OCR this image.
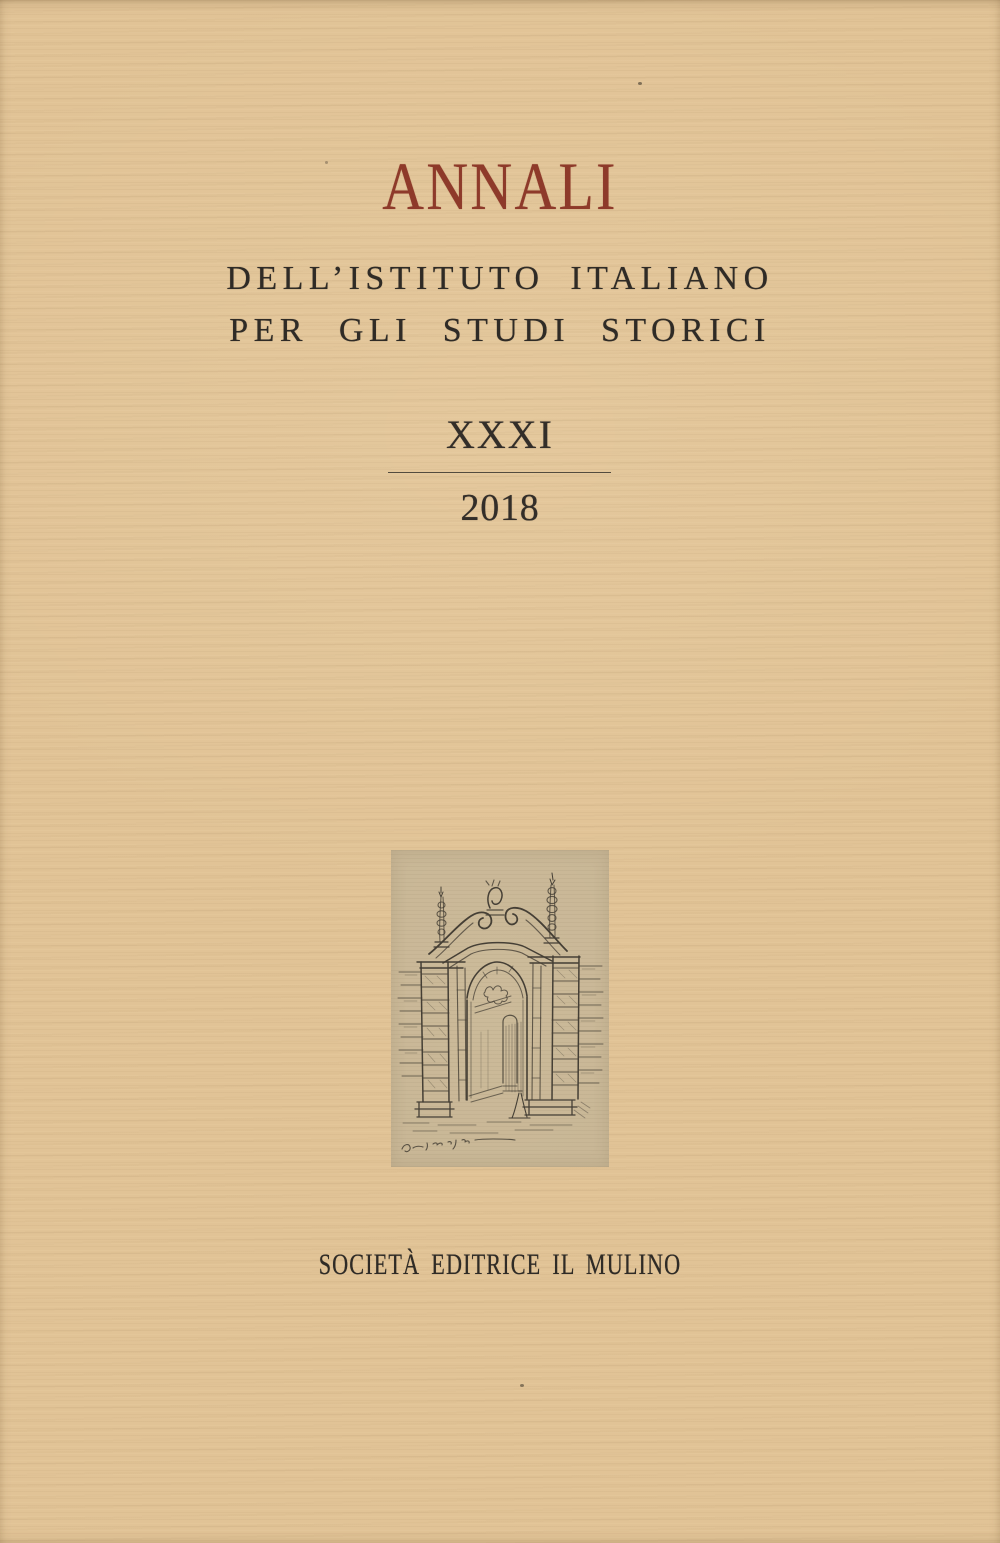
ANNALI
DELL’ISTITUTO ITALIANO
PER GLI STUDI STORICI
XXXI
2018
SOCIETÀ EDITRICE IL MULINO
